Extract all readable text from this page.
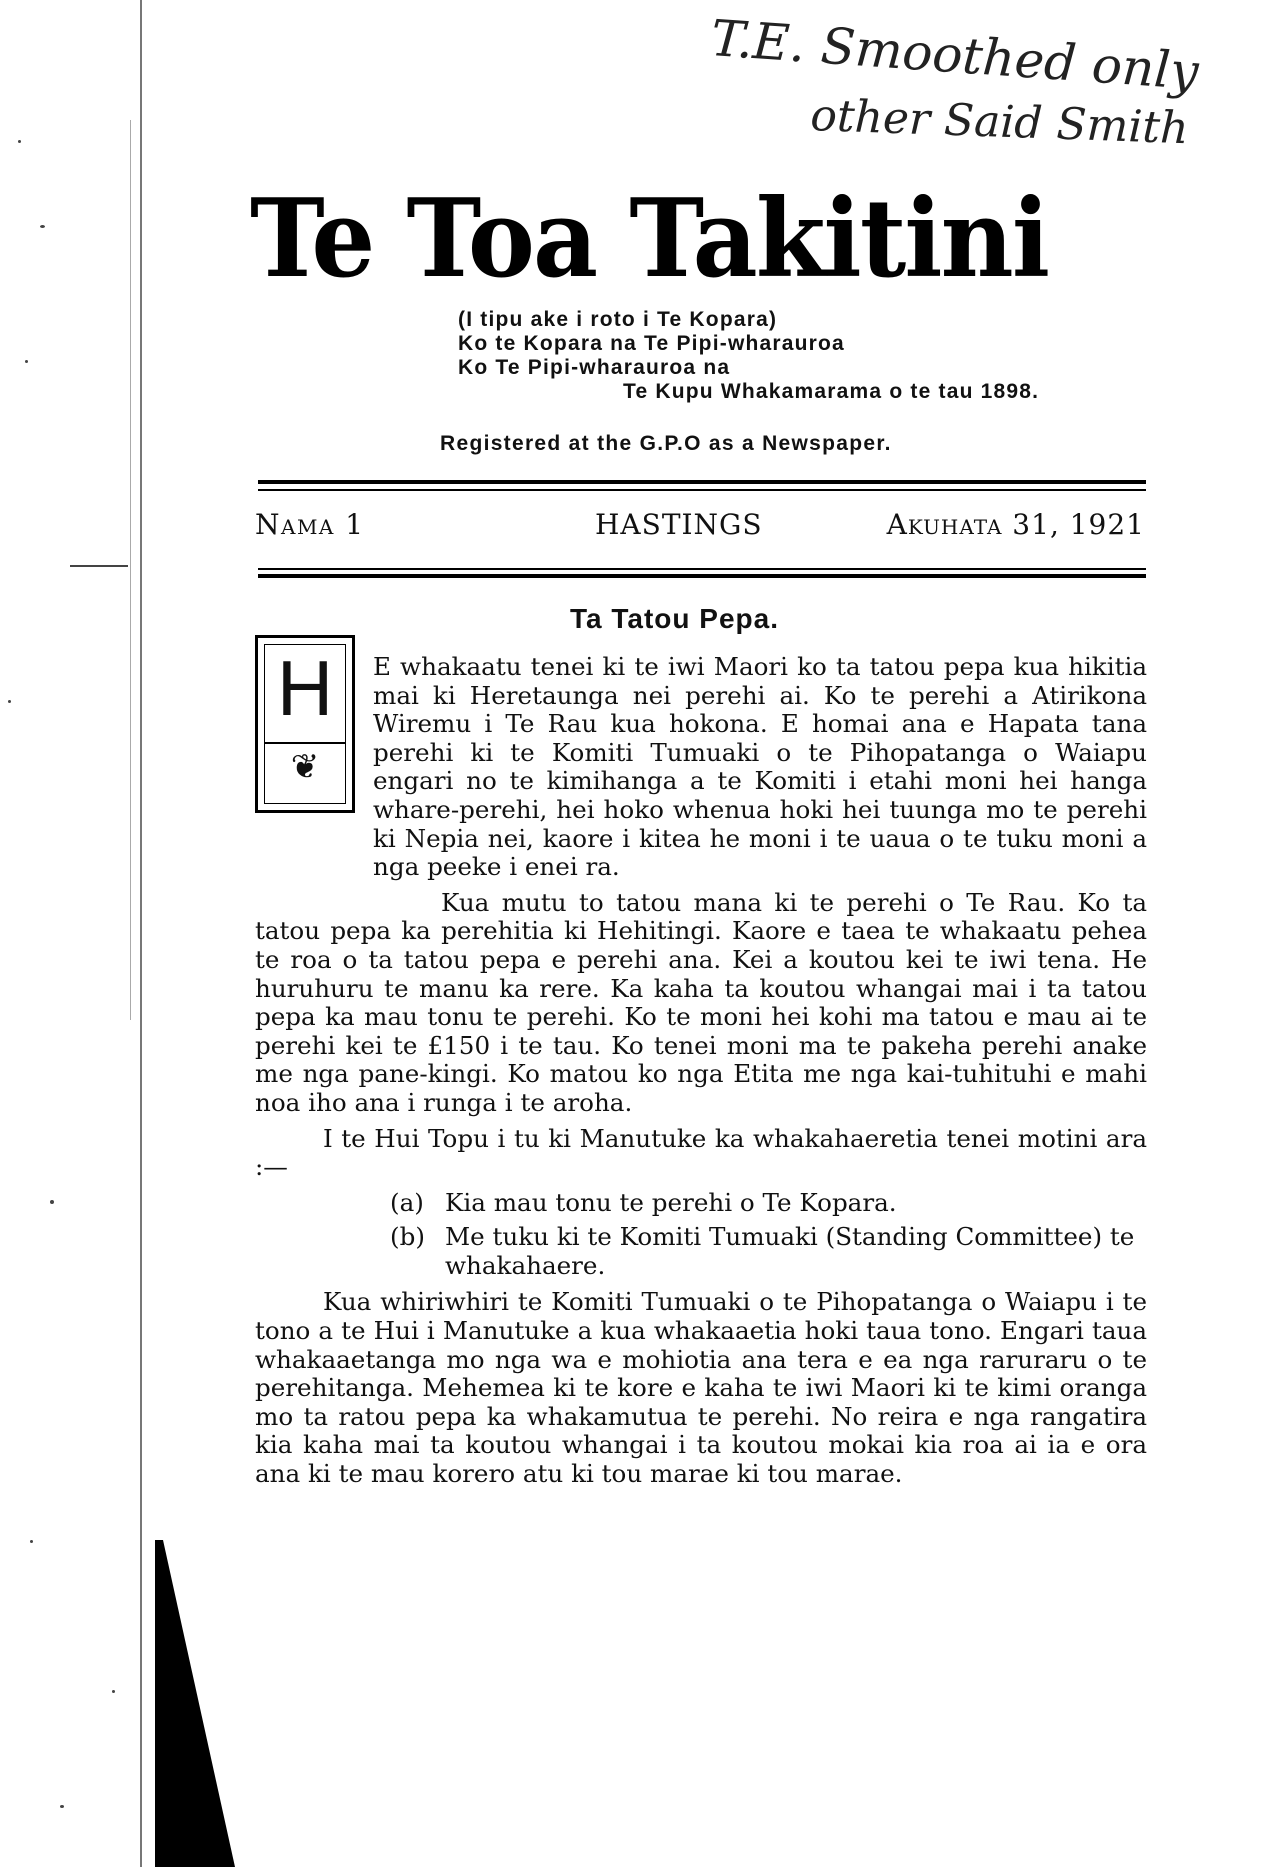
T.E. Smoothed only
other Said Smith
Te Toa Takitini
(I tipu ake i roto i Te Kopara)
Ko te Kopara na Te Pipi-wharauroa
Ko Te Pipi-wharauroa na
Te Kupu Whakamarama o te tau 1898.
Registered at the G.P.O as a Newspaper.
Nama 1	HASTINGS	Akuhata 31, 1921
Ta Tatou Pepa.
H
❦

E whakaatu tenei ki te iwi Maori ko ta tatou pepa kua hikitia mai ki Heretaunga nei perehi ai. Ko te perehi a Atirikona Wiremu i Te Rau kua hokona. E homai ana e Hapata tana perehi ki te Komiti Tumuaki o te Pihopatanga o Waiapu engari no te kimihanga a te Komiti i etahi moni hei hanga whare-perehi, hei hoko whenua hoki hei tuunga mo te perehi ki Nepia nei, kaore i kitea he moni i te uaua o te tuku moni a nga peeke i enei ra.

Kua mutu to tatou mana ki te perehi o Te Rau. Ko ta tatou pepa ka perehitia ki Hehitingi. Kaore e taea te whakaatu pehea te roa o ta tatou pepa e perehi ana. Kei a koutou kei te iwi tena. He huruhuru te manu ka rere. Ka kaha ta koutou whangai mai i ta tatou pepa ka mau tonu te perehi. Ko te moni hei kohi ma tatou e mau ai te perehi kei te £150 i te tau. Ko tenei moni ma te pakeha perehi anake me nga pane-kingi. Ko matou ko nga Etita me nga kai-tuhituhi e mahi noa iho ana i runga i te aroha.

I te Hui Topu i tu ki Manutuke ka whakahaeretia tenei motini ara :—

(a) Kia mau tonu te perehi o Te Kopara.
(b) Me tuku ki te Komiti Tumuaki (Standing Committee) te whakahaere.

Kua whiriwhiri te Komiti Tumuaki o te Pihopatanga o Waiapu i te tono a te Hui i Manutuke a kua whakaaetia hoki taua tono. Engari taua whakaaetanga mo nga wa e mohiotia ana tera e ea nga raruraru o te perehitanga. Mehemea ki te kore e kaha te iwi Maori ki te kimi oranga mo ta ratou pepa ka whakamutua te perehi. No reira e nga rangatira kia kaha mai ta koutou whangai i ta koutou mokai kia roa ai ia e ora ana ki te mau korero atu ki tou marae ki tou marae.
